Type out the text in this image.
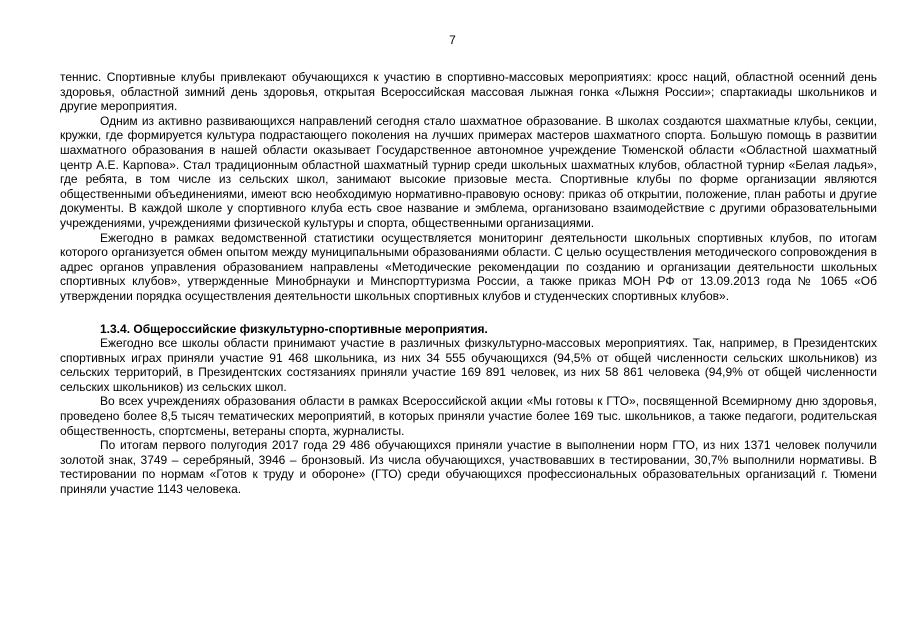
7

теннис. Спортивные клубы привлекают обучающихся к участию в спортивно-массовых мероприятиях: кросс наций, областной осенний день здоровья, областной зимний день здоровья, открытая Всероссийская массовая лыжная гонка «Лыжня России»; спартакиады школьников и другие мероприятия.

Одним из активно развивающихся направлений сегодня стало шахматное образование. В школах создаются шахматные клубы, секции, кружки, где формируется культура подрастающего поколения на лучших примерах мастеров шахматного спорта. Большую помощь в развитии шахматного образования в нашей области оказывает Государственное автономное учреждение Тюменской области «Областной шахматный центр А.Е. Карпова». Стал традиционным областной шахматный турнир среди школьных шахматных клубов, областной турнир «Белая ладья», где ребята, в том числе из сельских школ, занимают высокие призовые места. Спортивные клубы по форме организации являются общественными объединениями, имеют всю необходимую нормативно-правовую основу: приказ об открытии, положение, план работы и другие документы. В каждой школе у спортивного клуба есть свое название и эмблема, организовано взаимодействие с другими образовательными учреждениями, учреждениями физической культуры и спорта, общественными организациями.

Ежегодно в рамках ведомственной статистики осуществляется мониторинг деятельности школьных спортивных клубов, по итогам которого организуется обмен опытом между муниципальными образованиями области. С целью осуществления методического сопровождения в адрес органов управления образованием направлены «Методические рекомендации по созданию и организации деятельности школьных спортивных клубов», утвержденные Минобрнауки и Минспорттуризма России, а также приказ МОН РФ от 13.09.2013 года № 1065 «Об утверждении порядка осуществления деятельности школьных спортивных клубов и студенческих спортивных клубов».

1.3.4. Общероссийские физкультурно-спортивные мероприятия.

Ежегодно все школы области принимают участие в различных физкультурно-массовых мероприятиях. Так, например, в Президентских спортивных играх приняли участие 91 468 школьника, из них 34 555 обучающихся (94,5% от общей численности сельских школьников) из сельских территорий, в Президентских состязаниях приняли участие 169 891 человек, из них 58 861 человека (94,9% от общей численности сельских школьников) из сельских школ.

Во всех учреждениях образования области в рамках Всероссийской акции «Мы готовы к ГТО», посвященной Всемирному дню здоровья, проведено более 8,5 тысяч тематических мероприятий, в которых приняли участие более 169 тыс. школьников, а также педагоги, родительская общественность, спортсмены, ветераны спорта, журналисты.

По итогам первого полугодия 2017 года 29 486 обучающихся приняли участие в выполнении норм ГТО, из них 1371 человек получили золотой знак, 3749 – серебряный, 3946 – бронзовый. Из числа обучающихся, участвовавших в тестировании, 30,7% выполнили нормативы. В тестировании по нормам «Готов к труду и обороне» (ГТО) среди обучающихся профессиональных образовательных организаций г. Тюмени приняли участие 1143 человека.
